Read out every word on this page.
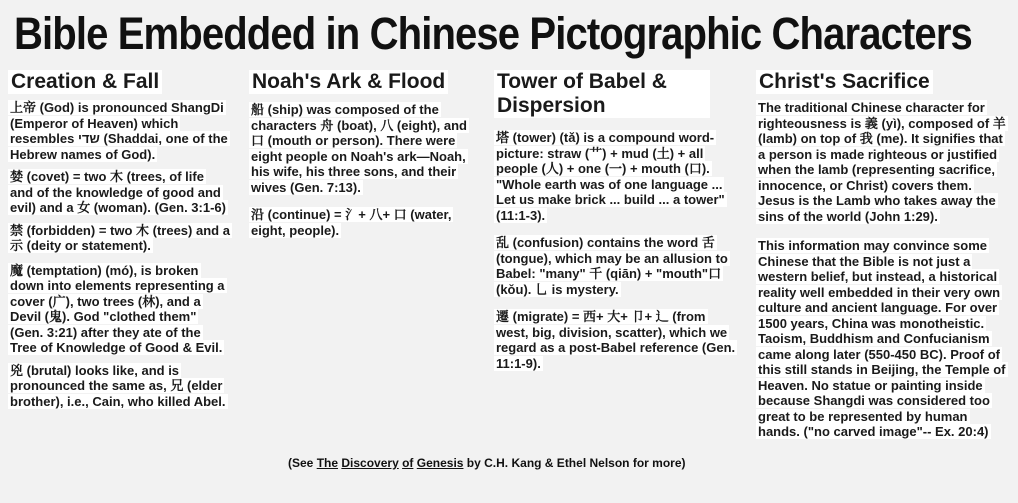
Bible Embedded in Chinese Pictographic Characters
Creation & Fall

上帝 (God) is pronounced ShangDi (Emperor of Heaven) which resembles שדי (Shaddai, one of the Hebrew names of God).

婪 (covet) = two 木 (trees, of life and of the knowledge of good and evil) and a 女 (woman). (Gen. 3:1-6)

禁 (forbidden) = two 木 (trees) and a 示 (deity or statement).

魔 (temptation) (mó), is broken down into elements representing a cover (广), two trees (林), and a Devil (鬼). God "clothed them" (Gen. 3:21) after they ate of the Tree of Knowledge of Good & Evil.

兇 (brutal) looks like, and is pronounced the same as, 兄 (elder brother), i.e., Cain, who killed Abel.

Noah's Ark & Flood

船 (ship) was composed of the characters 舟 (boat), 八 (eight), and 口 (mouth or person). There were eight people on Noah's ark—Noah, his wife, his three sons, and their wives (Gen. 7:13).

沿 (continue) = 氵+ 八+ 口 (water, eight, people).

Tower of Babel & Dispersion

塔 (tower) (tǎ) is a compound word-picture: straw (艹) + mud (土) + all people (人) + one (一) + mouth (口). "Whole earth was of one language ... Let us make brick ... build ... a tower" (11:1-3).

乱 (confusion) contains the word 舌 (tongue), which may be an allusion to Babel: "many" 千 (qiān) + "mouth"口 (kǒu). 乚 is mystery.

遷 (migrate) = 西+ 大+ 卩+ 辶 (from west, big, division, scatter), which we regard as a post-Babel reference (Gen. 11:1-9).

Christ's Sacrifice

The traditional Chinese character for righteousness is 義 (yì), composed of 羊 (lamb) on top of 我 (me). It signifies that a person is made righteous or justified when the lamb (representing sacrifice, innocence, or Christ) covers them. Jesus is the Lamb who takes away the sins of the world (John 1:29).

This information may convince some Chinese that the Bible is not just a western belief, but instead, a historical reality well embedded in their very own culture and ancient language. For over 1500 years, China was monotheistic. Taoism, Buddhism and Confucianism came along later (550-450 BC). Proof of this still stands in Beijing, the Temple of Heaven. No statue or painting inside because Shangdi was considered too great to be represented by human hands. ("no carved image"-- Ex. 20:4)

(See The Discovery of Genesis by C.H. Kang & Ethel Nelson for more)
